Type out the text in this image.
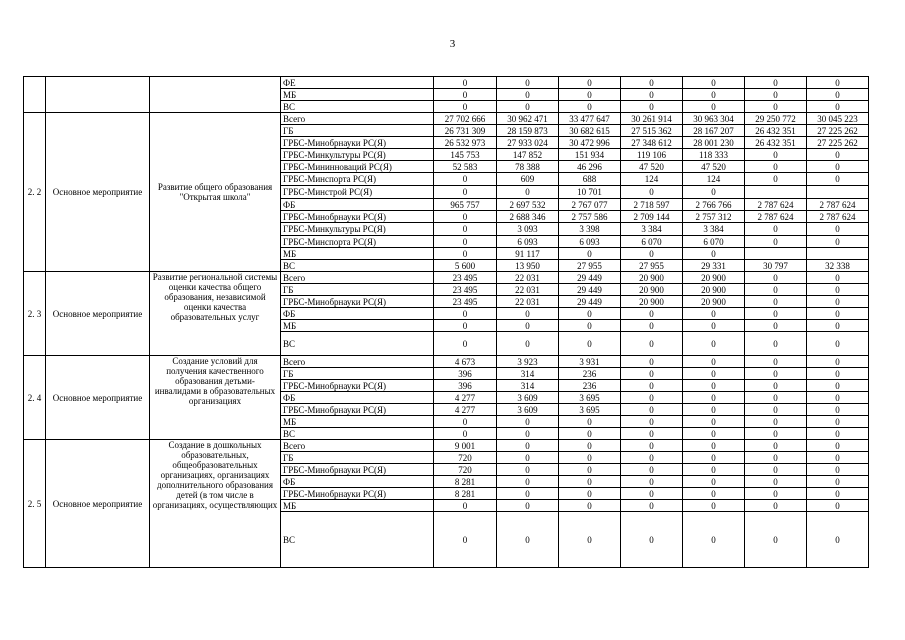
3
			ФЕ	0	0	0	0	0	0	0
			МБ	0	0	0	0	0	0	0
			ВС	0	0	0	0	0	0	0
2. 2	Основное мероприятие	Развитие общего образования "Открытая школа"	Всего	27 702 666	30 962 471	33 477 647	30 261 914	30 963 304	29 250 772	30 045 223
			ГБ	26 731 309	28 159 873	30 682 615	27 515 362	28 167 207	26 432 351	27 225 262
			ГРБС-Минобрнауки РС(Я)	26 532 973	27 933 024	30 472 996	27 348 612	28 001 230	26 432 351	27 225 262
			ГРБС-Минкультуры РС(Я)	145 753	147 852	151 934	119 106	118 333	0	0
			ГРБС-Mининноваций РС(Я)	52 583	78 388	46 296	47 520	47 520	0	0
			ГРБС-Минспорта РС(Я)	0	609	688	124	124	0	0
			ГРБС-Минстрой РС(Я)	0	0	10 701	0	0		
			ФБ	965 757	2 697 532	2 767 077	2 718 597	2 766 766	2 787 624	2 787 624
			ГРБС-Минобрнауки РС(Я)	0	2 688 346	2 757 586	2 709 144	2 757 312	2 787 624	2 787 624
			ГРБС-Минкультуры РС(Я)	0	3 093	3 398	3 384	3 384	0	0
			ГРБС-Минспорта РС(Я)	0	6 093	6 093	6 070	6 070	0	0
			МБ	0	91 117	0	0	0		
			ВС	5 600	13 950	27 955	27 955	29 331	30 797	32 338
2. 3	Основное мероприятие	Развитие региональной системы оценки качества общего образования, независимой оценки качества образовательных услуг	Всего	23 495	22 031	29 449	20 900	20 900	0	0
			ГБ	23 495	22 031	29 449	20 900	20 900	0	0
			ГРБС-Минобрнауки РС(Я)	23 495	22 031	29 449	20 900	20 900	0	0
			ФБ	0	0	0	0	0	0	0
			МБ	0	0	0	0	0	0	0
			ВС	0	0	0	0	0	0	0
2. 4	Основное мероприятие	Создание условий для получения качественного образования детьми-инвалидами в образовательных организациях	Всего	4 673	3 923	3 931	0	0	0	0
			ГБ	396	314	236	0	0	0	0
			ГРБС-Минобрнауки РС(Я)	396	314	236	0	0	0	0
			ФБ	4 277	3 609	3 695	0	0	0	0
			ГРБС-Минобрнауки РС(Я)	4 277	3 609	3 695	0	0	0	0
			МБ	0	0	0	0	0	0	0
			ВС	0	0	0	0	0	0	0
2. 5	Основное мероприятие	Создание в дошкольных образовательных, общеобразовательных организациях, организациях дополнительного образования детей (в том числе в организациях, осуществляющих	Всего	9 001	0	0	0	0	0	0
			ГБ	720	0	0	0	0	0	0
			ГРБС-Минобрнауки РС(Я)	720	0	0	0	0	0	0
			ФБ	8 281	0	0	0	0	0	0
			ГРБС-Минобрнауки РС(Я)	8 281	0	0	0	0	0	0
			МБ	0	0	0	0	0	0	0
			ВС	0	0	0	0	0	0	0
